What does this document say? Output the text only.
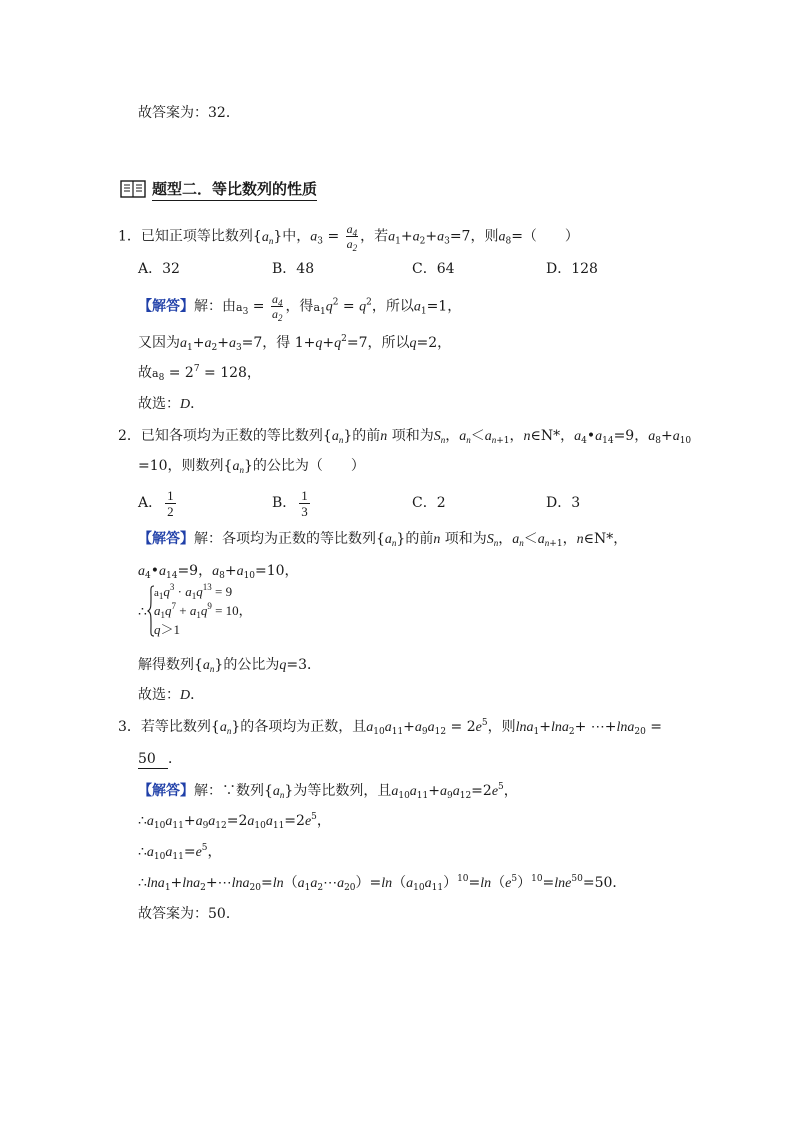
故答案为：32．
题型二．等比数列的性质
1．已知正项等比数列$\{a_n\}$中，$a_3 = \frac{a_4}{a_2}$ ，若$a_1+a_2+a_3=7$，则$a_8=$（　　）
A．32	B．48	C．64	D．128
【解答】解：由$a_3 = \frac{a_4}{a_2}$ ，得$a_1q^2 = q^2$，所以$a_1=1$，
又因为$a_1+a_2+a_3=7$，得 $1+q+q^2=7$，所以q=2，
故$a_8 = 2^7 = 128$，
故选：D．
2．已知各项均为正数的等比数列$\{a_n\}$的前n 项和为$S_n$，$a_n<a_{n+1}$，n∈N*，$a_4•a_{14}=9$，$a_8+a_{10}$
=10，则数列$\{a_n\}$的公比为（　　）
A． $\frac{1}{2}$	B． $\frac{1}{3}$	C．2	D．3
【解答】解：各项均为正数的等比数列$\{a_n\}$的前n 项和为$S_n$，$a_n<a_{n+1}$，n∈N*，
$a_4•a_{14}=9$，$a_8+a_{10}=10$，
∴
$a_1q^3 \cdot a_1q^{13} = 9$
$a_1q^7 + a_1q^9 = 10$，
q＞1
解得数列$\{a_n\}$的公比为q=3．
故选：D．
3．若等比数列$\{a_n\}$的各项均为正数，且$a_{10}a_{11}+a_9a_{12} = 2e^5$，则lna$_1$+lna$_2$+ ⋯+lna$_{20}$ =
50 ．
【解答】解：∵数列$\{a_n\}$为等比数列，且$a_{10}a_{11}+a_9a_{12}=2e^5$，
$\therefore a_{10}a_{11}+a_9a_{12}=2a_{10}a_{11}=2e^5$，
$\therefore a_{10}a_{11}=e^5$，
$\therefore\ln a_1+\ln a_2+\cdots\ln a_{20}=\ln(a_1a_2\cdots a_{20})=\ln(a_{10}a_{11})^{10}=\ln(e^5)^{10}=\ln e^{50}=50$．
故答案为：50．
